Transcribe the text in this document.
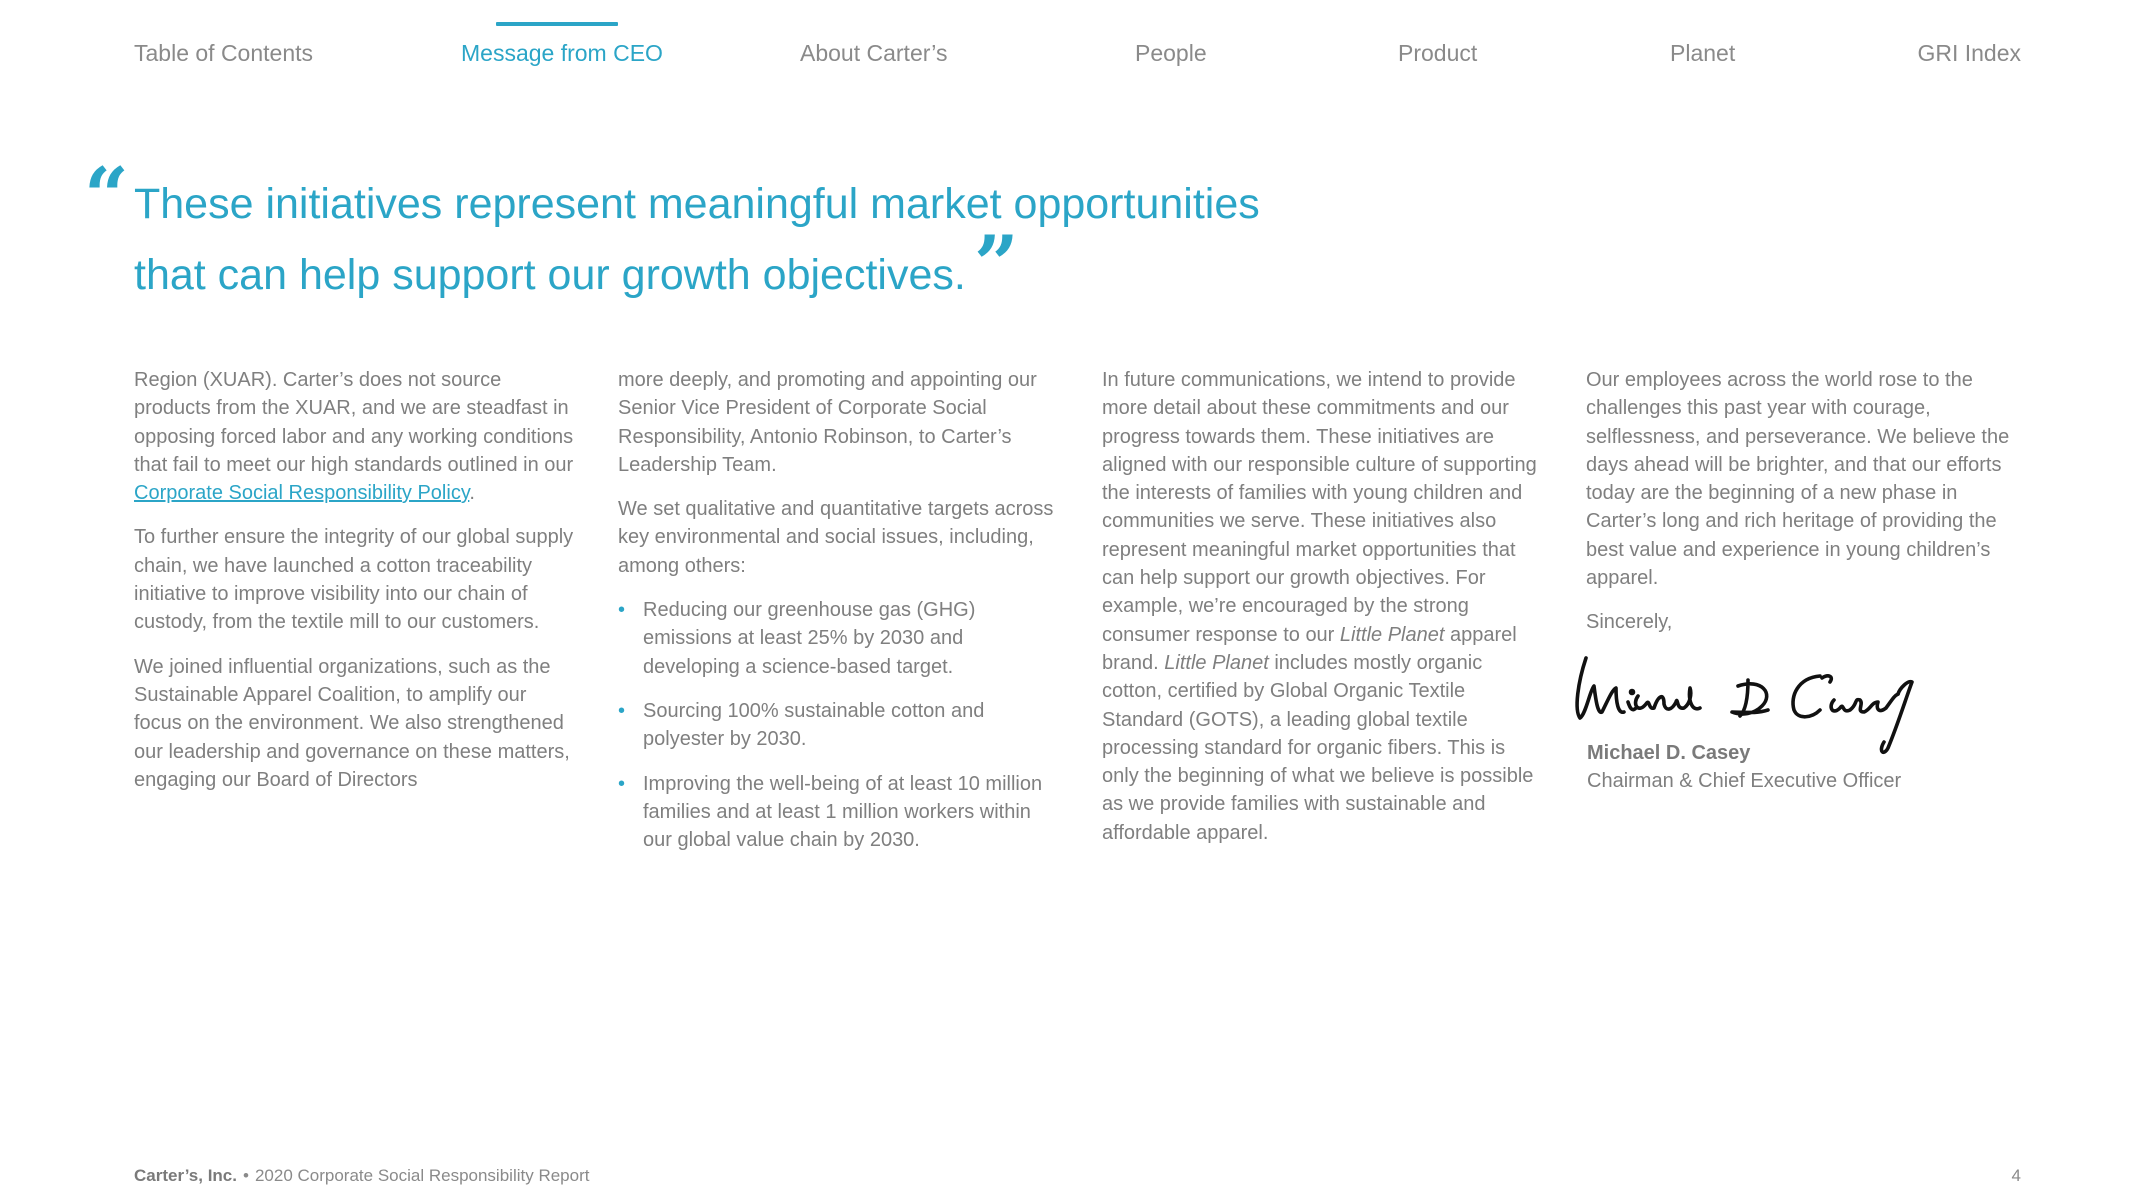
Table of Contents	Message from CEO	About Carter’s	People	Product	Planet	GRI Index
“ These initiatives represent meaningful market opportunities that can help support our growth objectives. ”

Region (XUAR). Carter’s does not source products from the XUAR, and we are steadfast in opposing forced labor and any working conditions that fail to meet our high standards outlined in our Corporate Social Responsibility Policy.

To further ensure the integrity of our global supply chain, we have launched a cotton traceability initiative to improve visibility into our chain of custody, from the textile mill to our customers.

We joined influential organizations, such as the Sustainable Apparel Coalition, to amplify our focus on the environment. We also strengthened our leadership and governance on these matters, engaging our Board of Directors

more deeply, and promoting and appointing our Senior Vice President of Corporate Social Responsibility, Antonio Robinson, to Carter’s Leadership Team.

We set qualitative and quantitative targets across key environmental and social issues, including, among others:

• Reducing our greenhouse gas (GHG) emissions at least 25% by 2030 and developing a science-based target.
• Sourcing 100% sustainable cotton and polyester by 2030.
• Improving the well-being of at least 10 million families and at least 1 million workers within our global value chain by 2030.

In future communications, we intend to provide more detail about these commitments and our progress towards them. These initiatives are aligned with our responsible culture of supporting the interests of families with young children and communities we serve. These initiatives also represent meaningful market opportunities that can help support our growth objectives. For example, we’re encouraged by the strong consumer response to our Little Planet apparel brand. Little Planet includes mostly organic cotton, certified by Global Organic Textile Standard (GOTS), a leading global textile processing standard for organic fibers. This is only the beginning of what we believe is possible as we provide families with sustainable and affordable apparel.

Our employees across the world rose to the challenges this past year with courage, selflessness, and perseverance. We believe the days ahead will be brighter, and that our efforts today are the beginning of a new phase in Carter’s long and rich heritage of providing the best value and experience in young children’s apparel.

Sincerely,

Michael D. Casey
Chairman & Chief Executive Officer
Carter’s, Inc. • 2020 Corporate Social Responsibility Report	4
